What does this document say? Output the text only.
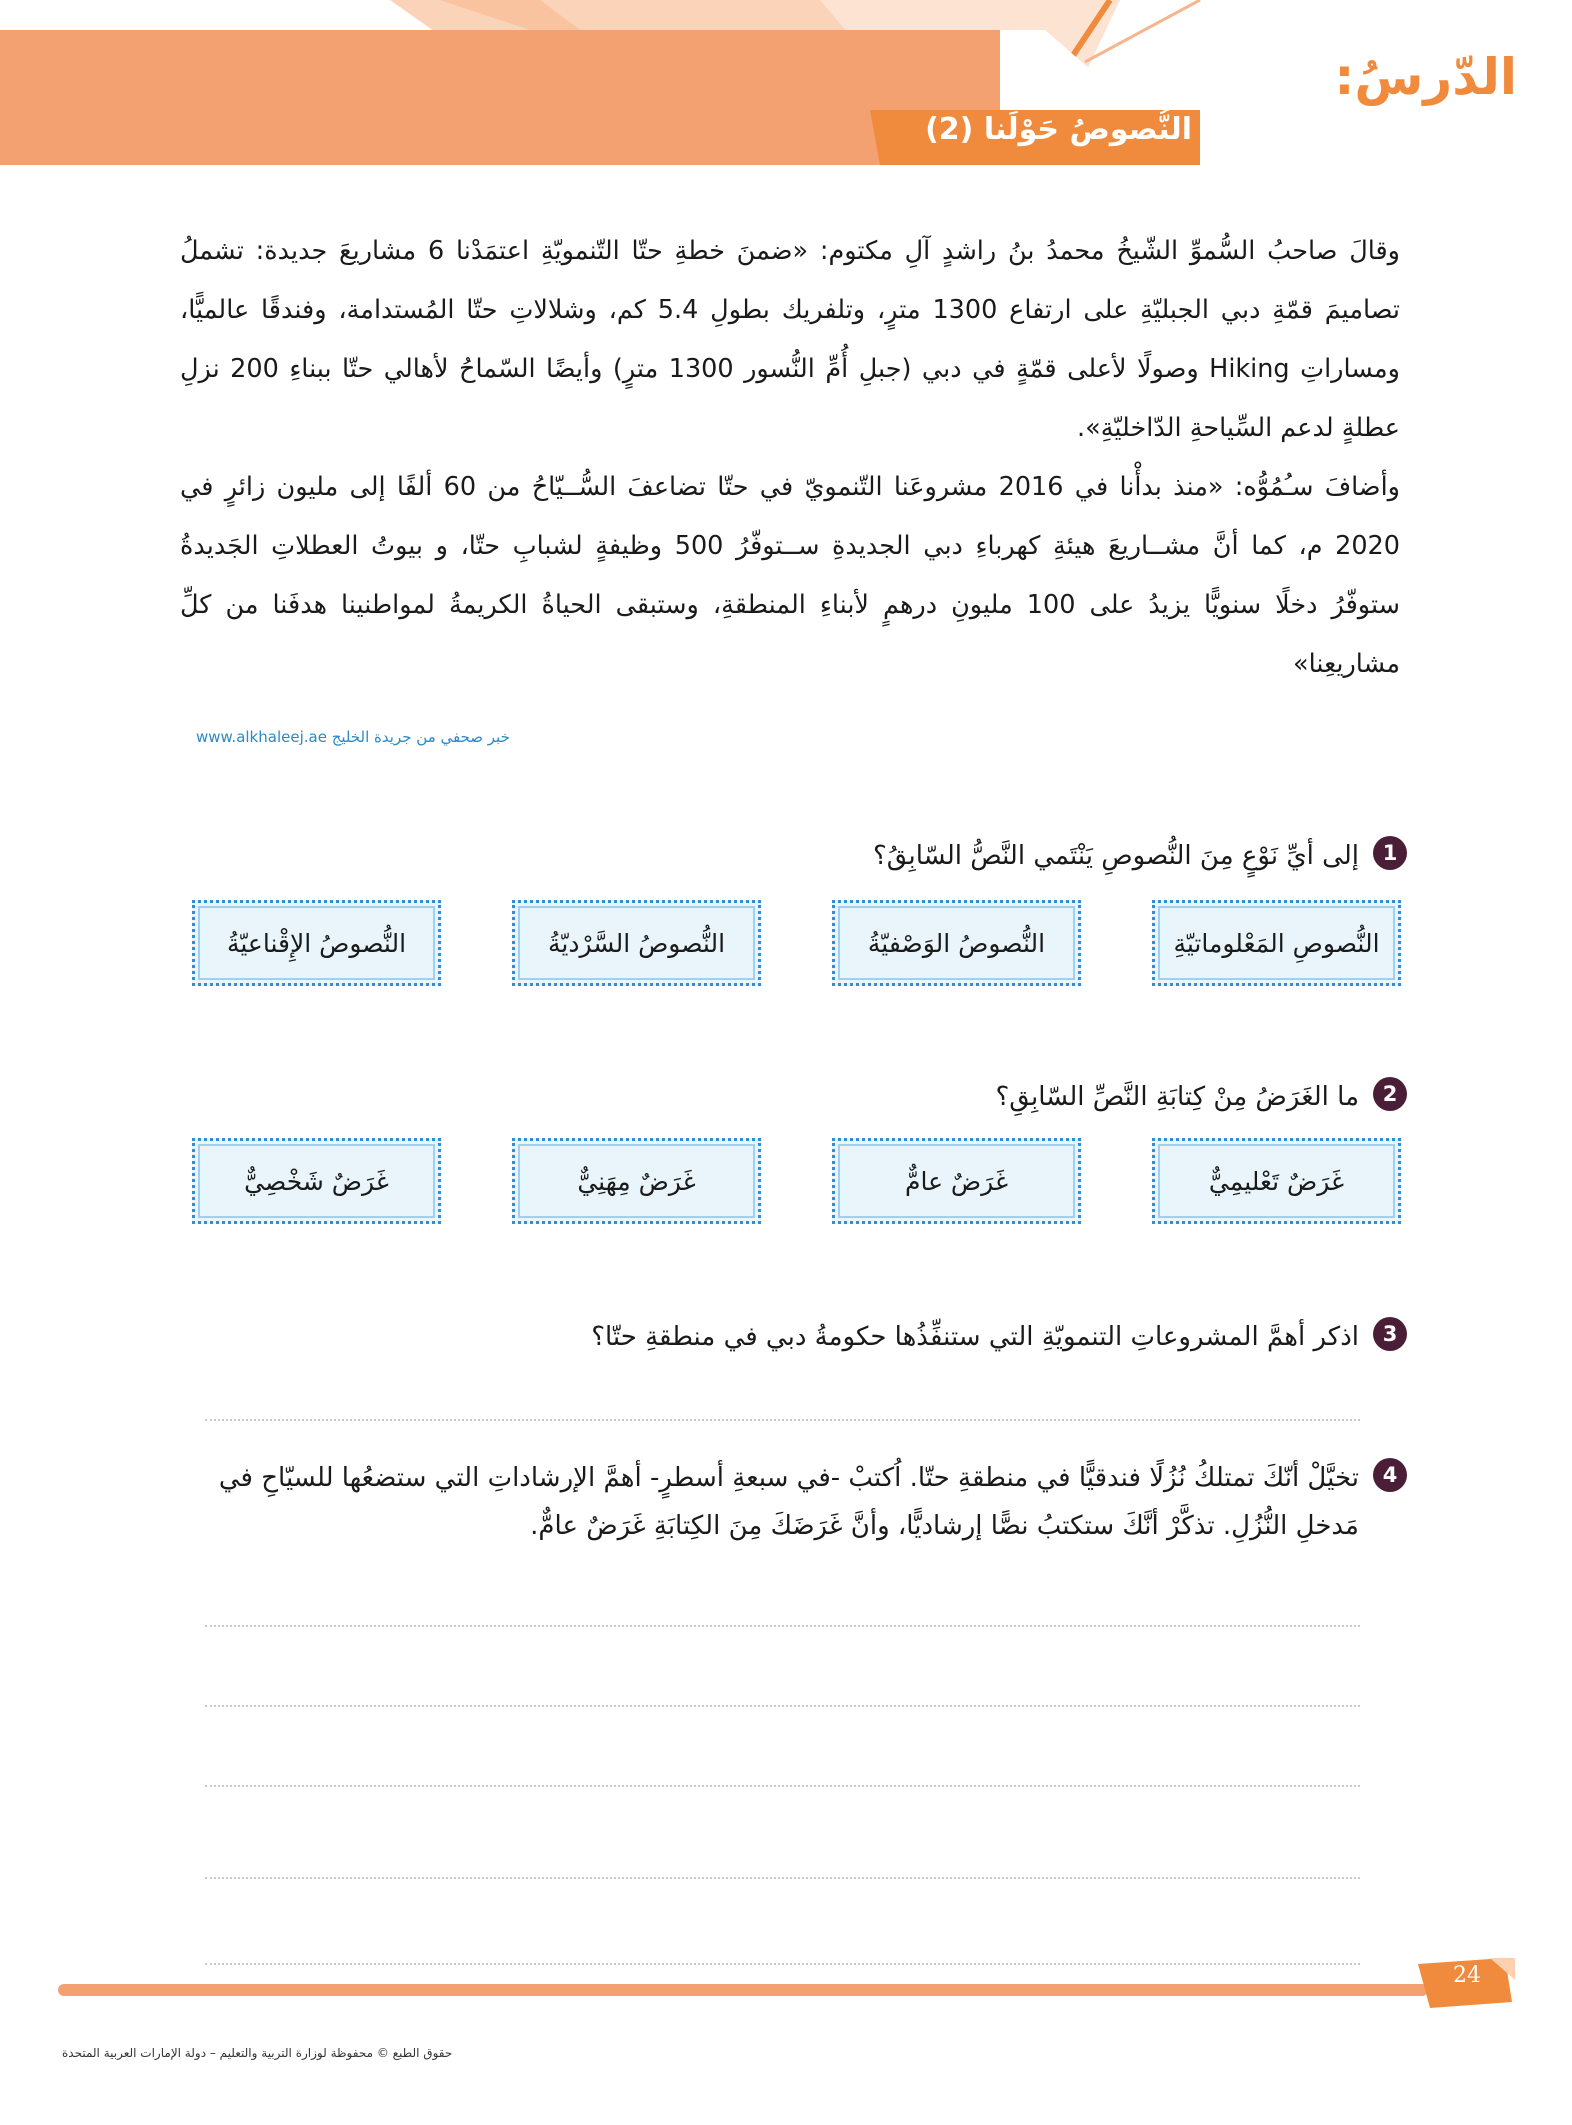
الدّرسُ:
النُّصوصُ حَوْلَنا (2)

وقالَ صاحبُ السُّموِّ الشّيخُ محمدُ بنُ راشدٍ آلِ مكتوم: «ضمنَ خطةِ حتّا التّنمويّةِ اعتمَدْنا 6 مشاريعَ جديدة: تشملُ تصاميمَ قمّةِ دبي الجبليّةِ على ارتفاع 1300 مترٍ، وتلفريك بطولِ 5.4 كم، وشلالاتِ حتّا المُستدامة، وفندقًا عالميًّا، ومساراتِ Hiking وصولًا لأعلى قمّةٍ في دبي (جبلِ أُمِّ النُّسور 1300 مترٍ) وأيضًا السّماحُ لأهالي حتّا ببناءِ 200 نزلِ عطلةٍ لدعم السِّياحةِ الدّاخليّةِ».

وأضافَ سـُمُوُّه: «منذ بدأْنا في 2016 مشروعَنا التّنمويّ في حتّا تضاعفَ السُّــيّاحُ من 60 ألفًا إلى مليون زائرٍ في 2020 م، كما أنَّ مشــاريعَ هيئةِ كهرباءِ دبي الجديدةِ ســتوفّرُ 500 وظيفةٍ لشبابِ حتّا، و بيوتُ العطلاتِ الجَديدةُ ستوفّرُ دخلًا سنويًّا يزيدُ على 100 مليونِ درهمٍ لأبناءِ المنطقةِ، وستبقى الحياةُ الكريمةُ لمواطنينا هدفَنا من كلِّ مشاريعِنا»

خبر صحفي من جريدة الخليج www.alkhaleej.ae
1
إلى أيِّ نَوْعٍ مِنَ النُّصوصِ يَنْتَمي النَّصُّ السّابِقُ؟
النُّصوصِ المَعْلوماتيّةِ
النُّصوصُ الوَصْفيّةُ
النُّصوصُ السَّرْديّةُ
النُّصوصُ الإِقْناعيّةُ
2
ما الغَرَضُ مِنْ كِتابَةِ النَّصِّ السّابِقِ؟
غَرَضٌ تَعْليمِيٌّ
غَرَضٌ عامٌّ
غَرَضٌ مِهَنِيٌّ
غَرَضٌ شَخْصِيٌّ
3
اذكر أهمَّ المشروعاتِ التنمويّةِ التي ستنفِّذُها حكومةُ دبي في منطقةِ حتّا؟
4
تخيَّلْ أنّكَ تمتلكُ نُزُلًا فندقيًّا في منطقةِ حتّا. اُكتبْ -في سبعةِ أسطرٍ- أهمَّ الإرشاداتِ التي ستضعُها للسيّاحِ في مَدخلِ النُّزُلِ. تذكَّرْ أنَّكَ ستكتبُ نصًّا إرشاديًّا، وأنَّ غَرَضَكَ مِنَ الكِتابَةِ غَرَضٌ عامٌّ.
24
حقوق الطبع © محفوظة لوزارة التربية والتعليم – دولة الإمارات العربية المتحدة
